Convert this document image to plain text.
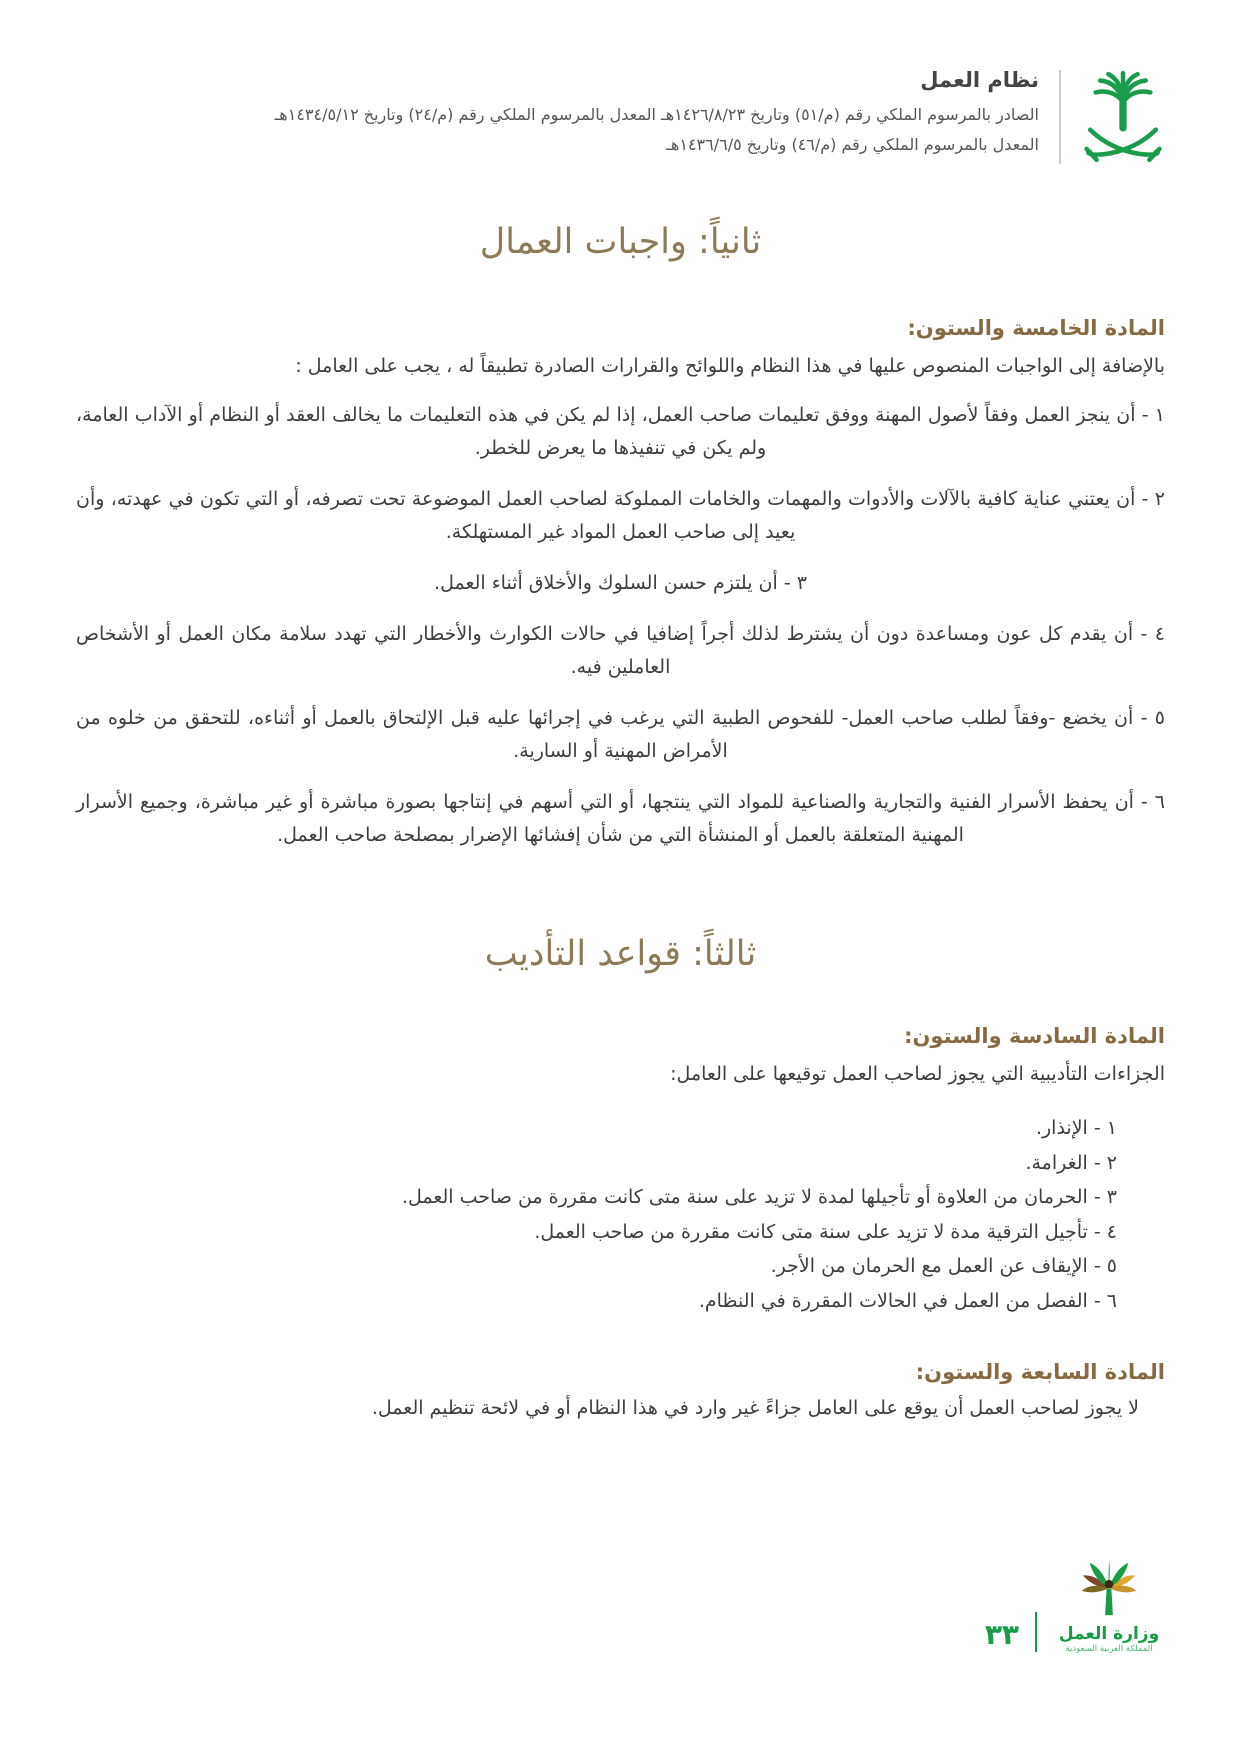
نظام العمل

الصادر بالمرسوم الملكي رقم (م/٥١) وتاريخ ١٤٢٦/٨/٢٣هـ المعدل بالمرسوم الملكي رقم (م/٢٤) وتاريخ ١٤٣٤/٥/١٢هـ

المعدل بالمرسوم الملكي رقم (م/٤٦) وتاريخ ١٤٣٦/٦/٥هـ

ثانياً: واجبات العمال
المادة الخامسة والستون:

بالإضافة إلى الواجبات المنصوص عليها في هذا النظام واللوائح والقرارات الصادرة تطبيقاً له ، يجب على العامل :

١ - أن ينجز العمل وفقاً لأصول المهنة ووفق تعليمات صاحب العمل، إذا لم يكن في هذه التعليمات ما يخالف العقد أو النظام أو الآداب العامة، ولم يكن في تنفيذها ما يعرض للخطر.

٢ - أن يعتني عناية كافية بالآلات والأدوات والمهمات والخامات المملوكة لصاحب العمل الموضوعة تحت تصرفه، أو التي تكون في عهدته، وأن يعيد إلى صاحب العمل المواد غير المستهلكة.

٣ - أن يلتزم حسن السلوك والأخلاق أثناء العمل.

٤ - أن يقدم كل عون ومساعدة دون أن يشترط لذلك أجراً إضافيا في حالات الكوارث والأخطار التي تهدد سلامة مكان العمل أو الأشخاص العاملين فيه.

٥ - أن يخضع -وفقاً لطلب صاحب العمل- للفحوص الطبية التي يرغب في إجرائها عليه قبل الإلتحاق بالعمل أو أثناءه، للتحقق من خلوه من الأمراض المهنية أو السارية.

٦ - أن يحفظ الأسرار الفنية والتجارية والصناعية للمواد التي ينتجها، أو التي أسهم في إنتاجها بصورة مباشرة أو غير مباشرة، وجميع الأسرار المهنية المتعلقة بالعمل أو المنشأة التي من شأن إفشائها الإضرار بمصلحة صاحب العمل.

ثالثاً: قواعد التأديب
المادة السادسة والستون:

الجزاءات التأديبية التي يجوز لصاحب العمل توقيعها على العامل:

١ - الإنذار.

٢ - الغرامة.

٣ - الحرمان من العلاوة أو تأجيلها لمدة لا تزيد على سنة متى كانت مقررة من صاحب العمل.

٤ - تأجيل الترقية مدة لا تزيد على سنة متى كانت مقررة من صاحب العمل.

٥ - الإيقاف عن العمل مع الحرمان من الأجر.

٦ - الفصل من العمل في الحالات المقررة في النظام.

المادة السابعة والستون:

لا يجوز لصاحب العمل أن يوقع على العامل جزاءً غير وارد في هذا النظام أو في لائحة تنظيم العمل.

وزارة العمل

المملكة العربية السعودية

٣٣
